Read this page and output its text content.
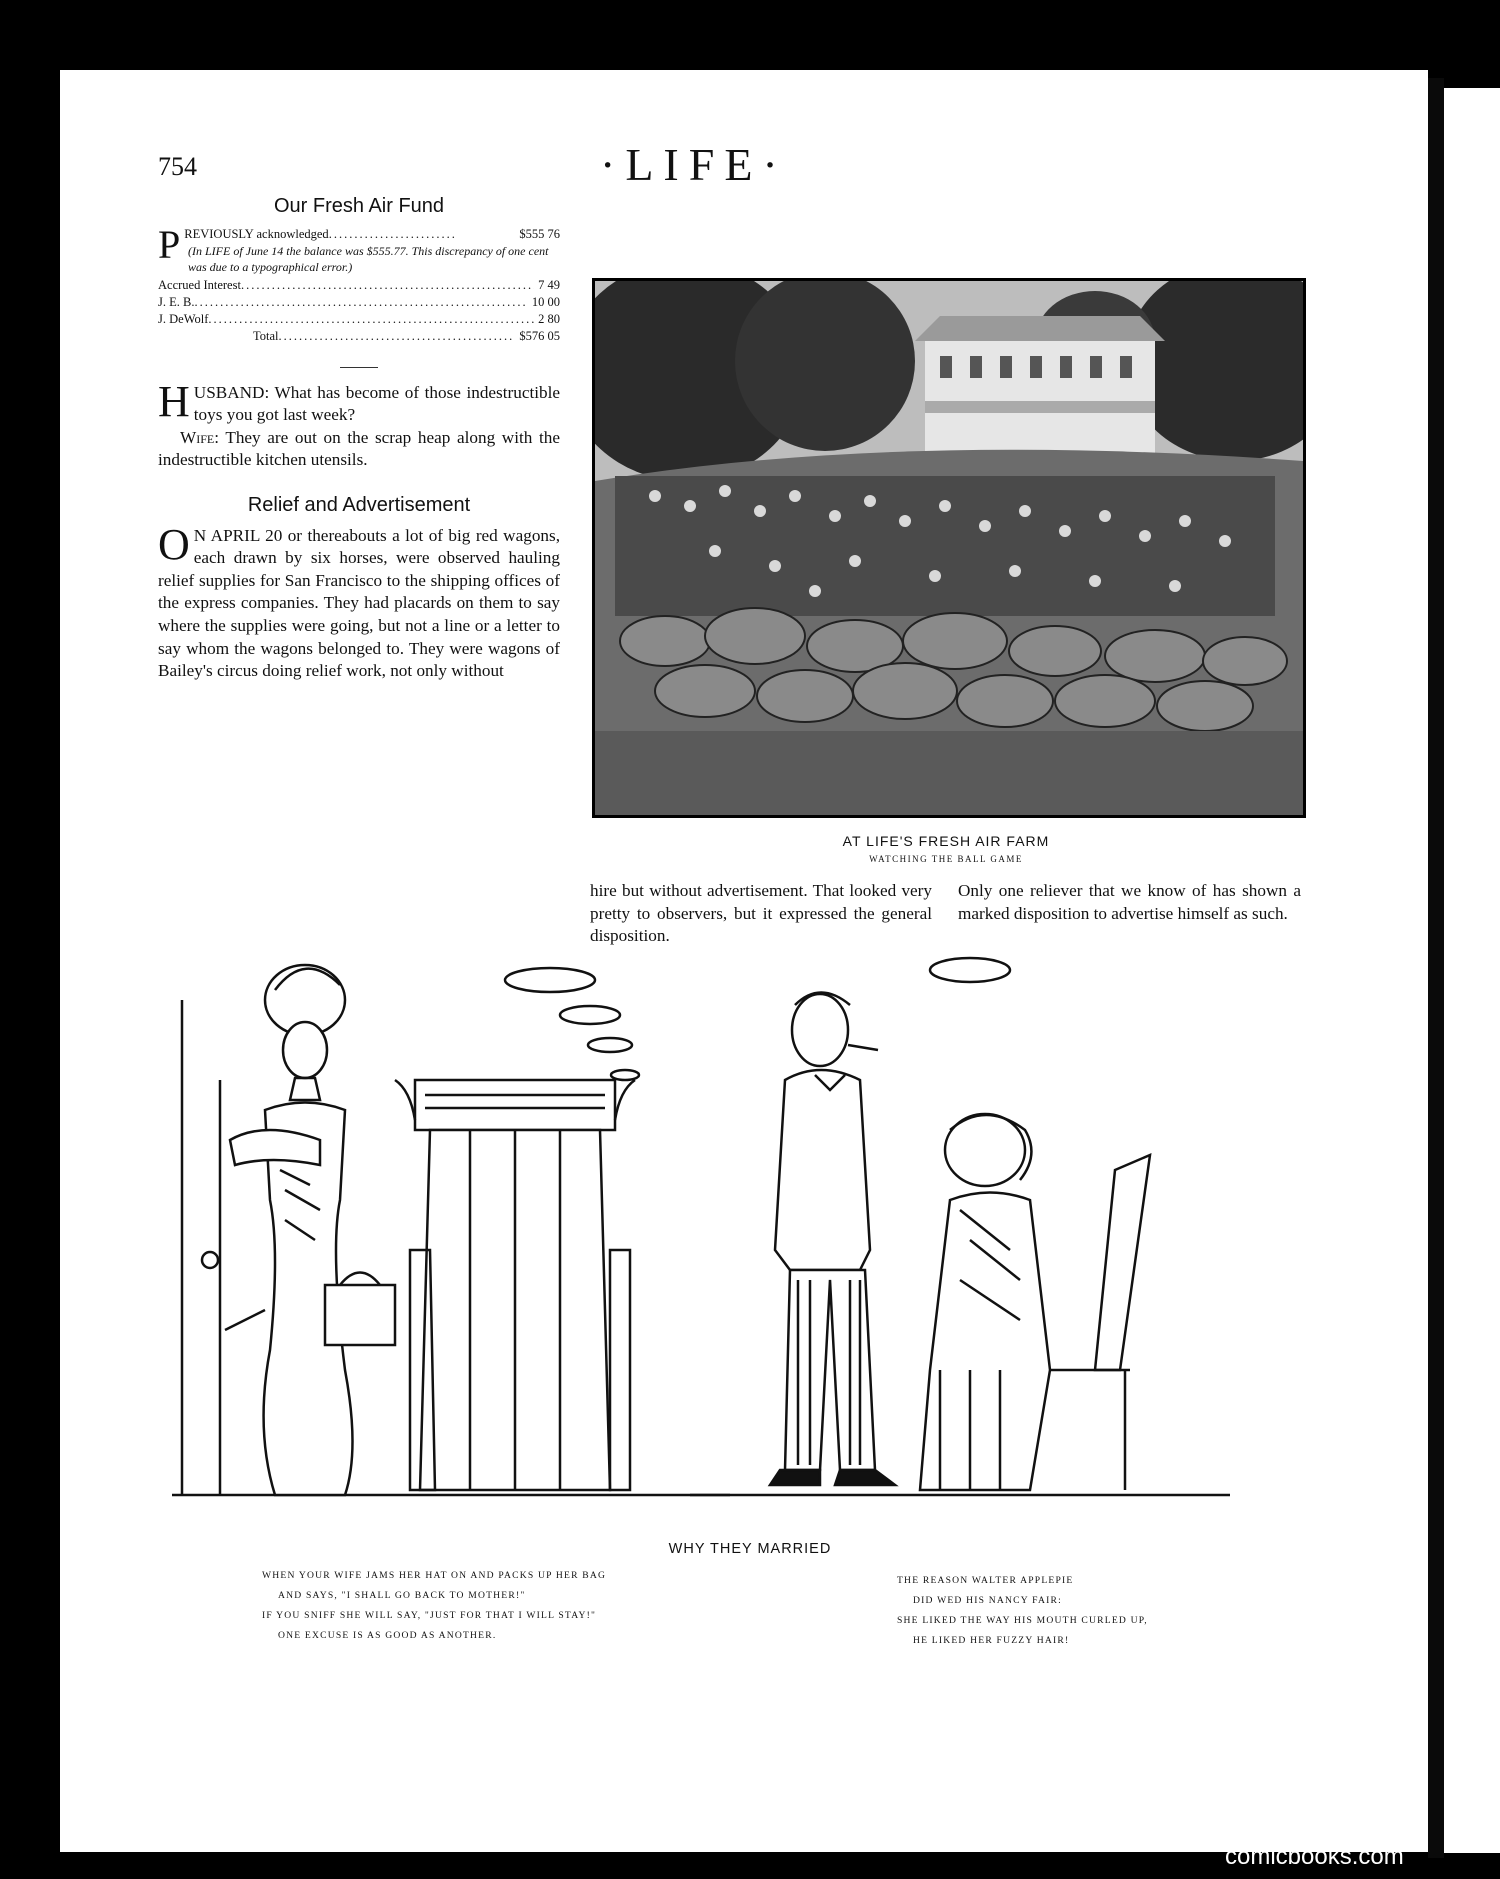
754	·LIFE·
Our Fresh Air Fund

P REVIOUSLY acknowledged .........................	$555 76

(In LIFE of June 14 the balance was $555.77. This discrepancy of one cent was due to a typographical error.)
Accrued Interest .....	7 49
J. E. B. .....	10 00
J. DeWolf .....	2 80
Total .....	$576 05

HUSBAND: What has become of those indestructible toys you got last week?

Wife: They are out on the scrap heap along with the indestructible kitchen utensils.

Relief and Advertisement

O N APRIL 20 or thereabouts a lot of big red wagons, each drawn by six horses, were observed hauling relief supplies for San Francisco to the shipping offices of the express companies. They had placards on them to say where the supplies were going, but not a line or a letter to say whom the wagons belonged to. They were wagons of Bailey's circus doing relief work, not only without

AT LIFE'S FRESH AIR FARM
WATCHING THE BALL GAME
hire but without advertisement. That looked very pretty to observers, but it expressed the general disposition.
Only one reliever that we know of has shown a marked disposition to advertise himself as such.
WHY THEY MARRIED
WHEN YOUR WIFE JAMS HER HAT ON AND PACKS UP HER BAG
AND SAYS, "I SHALL GO BACK TO MOTHER!"
IF YOU SNIFF SHE WILL SAY, "JUST FOR THAT I WILL STAY!"
ONE EXCUSE IS AS GOOD AS ANOTHER.
THE REASON WALTER APPLEPIE
DID WED HIS NANCY FAIR:
SHE LIKED THE WAY HIS MOUTH CURLED UP,
HE LIKED HER FUZZY HAIR!
comicbooks.com
